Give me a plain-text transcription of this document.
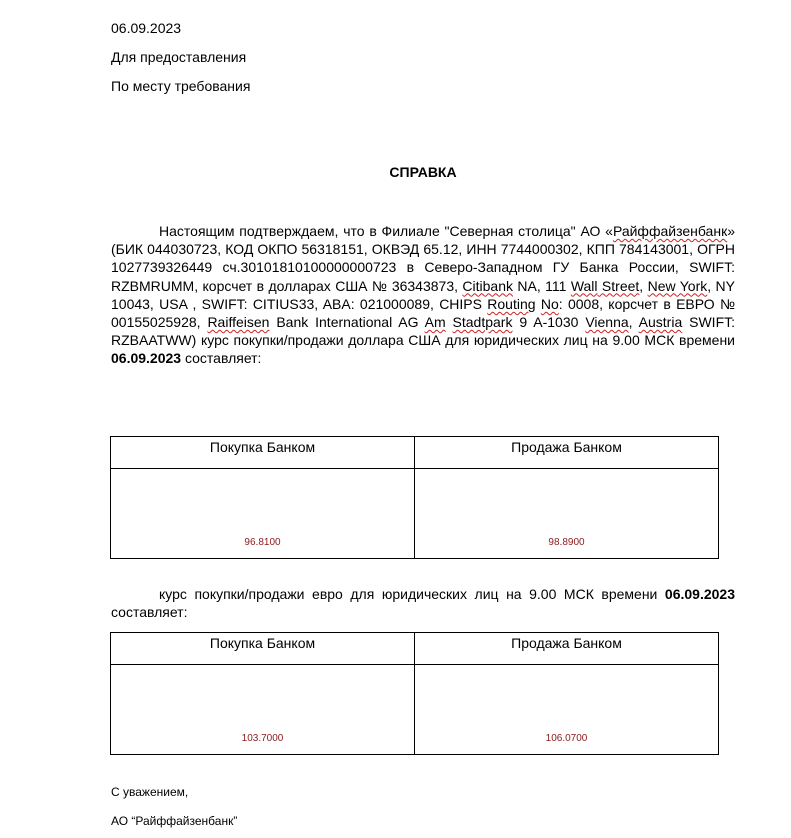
06.09.2023
Для предоставления
По месту требования
СПРАВКА
Настоящим подтверждаем, что в Филиале "Северная столица" АО «Райффайзенбанк» (БИК 044030723, КОД ОКПО 56318151, ОКВЭД 65.12, ИНН 7744000302, КПП 784143001, ОГРН 1027739326449 сч.30101810100000000723 в Северо-Западном ГУ Банка России, SWIFT: RZBMRUMM, корсчет в долларах США № 36343873, Citibank NA, 111 Wall Street, New York, NY 10043, USA , SWIFT: CITIUS33, ABA: 021000089, CHIPS Routing No: 0008, корсчет в ЕВРО № 00155025928, Raiffeisen Bank International AG Am Stadtpark 9 A-1030 Vienna, Austria SWIFT: RZBAATWW) курс покупки/продажи доллара США для юридических лиц на 9.00 МСК времени 06.09.2023 составляет:
Покупка Банком	Продажа Банком

96.8100	98.8900
курс покупки/продажи евро для юридических лиц на 9.00 МСК времени 06.09.2023 составляет:
Покупка Банком	Продажа Банком

103.7000	106.0700
С уважением,
АО “Райффайзенбанк”
